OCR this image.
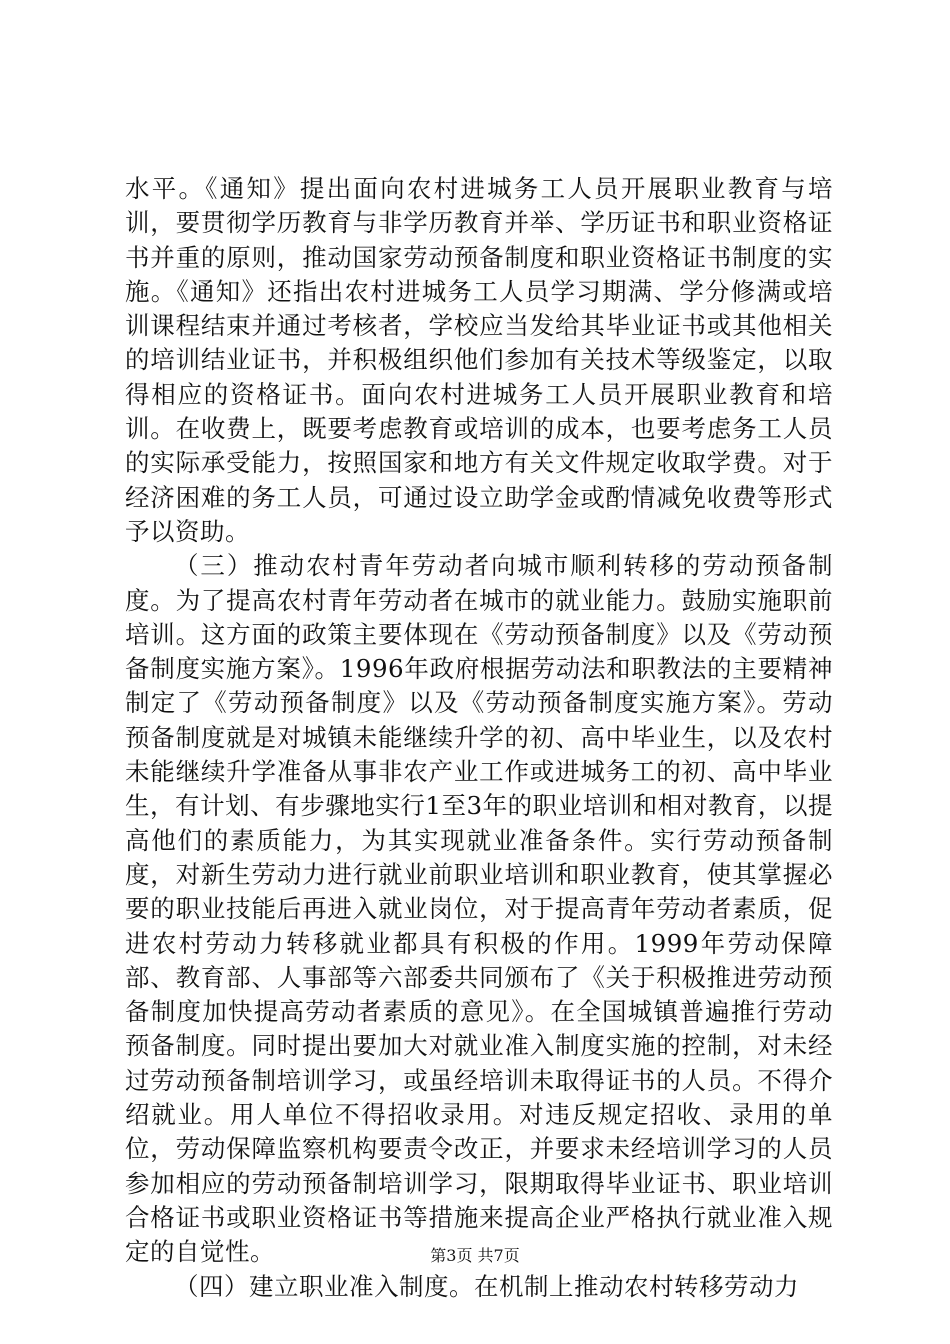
水平。《通知》提出面向农村进城务工人员开展职业教育与培训，要贯彻学历教育与非学历教育并举、学历证书和职业资格证书并重的原则，推动国家劳动预备制度和职业资格证书制度的实施。《通知》还指出农村进城务工人员学习期满、学分修满或培训课程结束并通过考核者，学校应当发给其毕业证书或其他相关的培训结业证书，并积极组织他们参加有关技术等级鉴定，以取得相应的资格证书。面向农村进城务工人员开展职业教育和培训。在收费上，既要考虑教育或培训的成本，也要考虑务工人员的实际承受能力，按照国家和地方有关文件规定收取学费。对于经济困难的务工人员，可通过设立助学金或酌情减免收费等形式予以资助。

（三）推动农村青年劳动者向城市顺利转移的劳动预备制度。为了提高农村青年劳动者在城市的就业能力。鼓励实施职前培训。这方面的政策主要体现在《劳动预备制度》以及《劳动预备制度实施方案》。1996年政府根据劳动法和职教法的主要精神制定了《劳动预备制度》以及《劳动预备制度实施方案》。劳动预备制度就是对城镇未能继续升学的初、高中毕业生，以及农村未能继续升学准备从事非农产业工作或进城务工的初、高中毕业生，有计划、有步骤地实行1至3年的职业培训和相对教育，以提高他们的素质能力，为其实现就业准备条件。实行劳动预备制度，对新生劳动力进行就业前职业培训和职业教育，使其掌握必要的职业技能后再进入就业岗位，对于提高青年劳动者素质，促进农村劳动力转移就业都具有积极的作用。1999年劳动保障部、教育部、人事部等六部委共同颁布了《关于积极推进劳动预备制度加快提高劳动者素质的意见》。在全国城镇普遍推行劳动预备制度。同时提出要加大对就业准入制度实施的控制，对未经过劳动预备制培训学习，或虽经培训未取得证书的人员。不得介绍就业。用人单位不得招收录用。对违反规定招收、录用的单位，劳动保障监察机构要责令改正，并要求未经培训学习的人员参加相应的劳动预备制培训学习，限期取得毕业证书、职业培训合格证书或职业资格证书等措施来提高企业严格执行就业准入规定的自觉性。

（四）建立职业准入制度。在机制上推动农村转移劳动力

第3页 共7页
